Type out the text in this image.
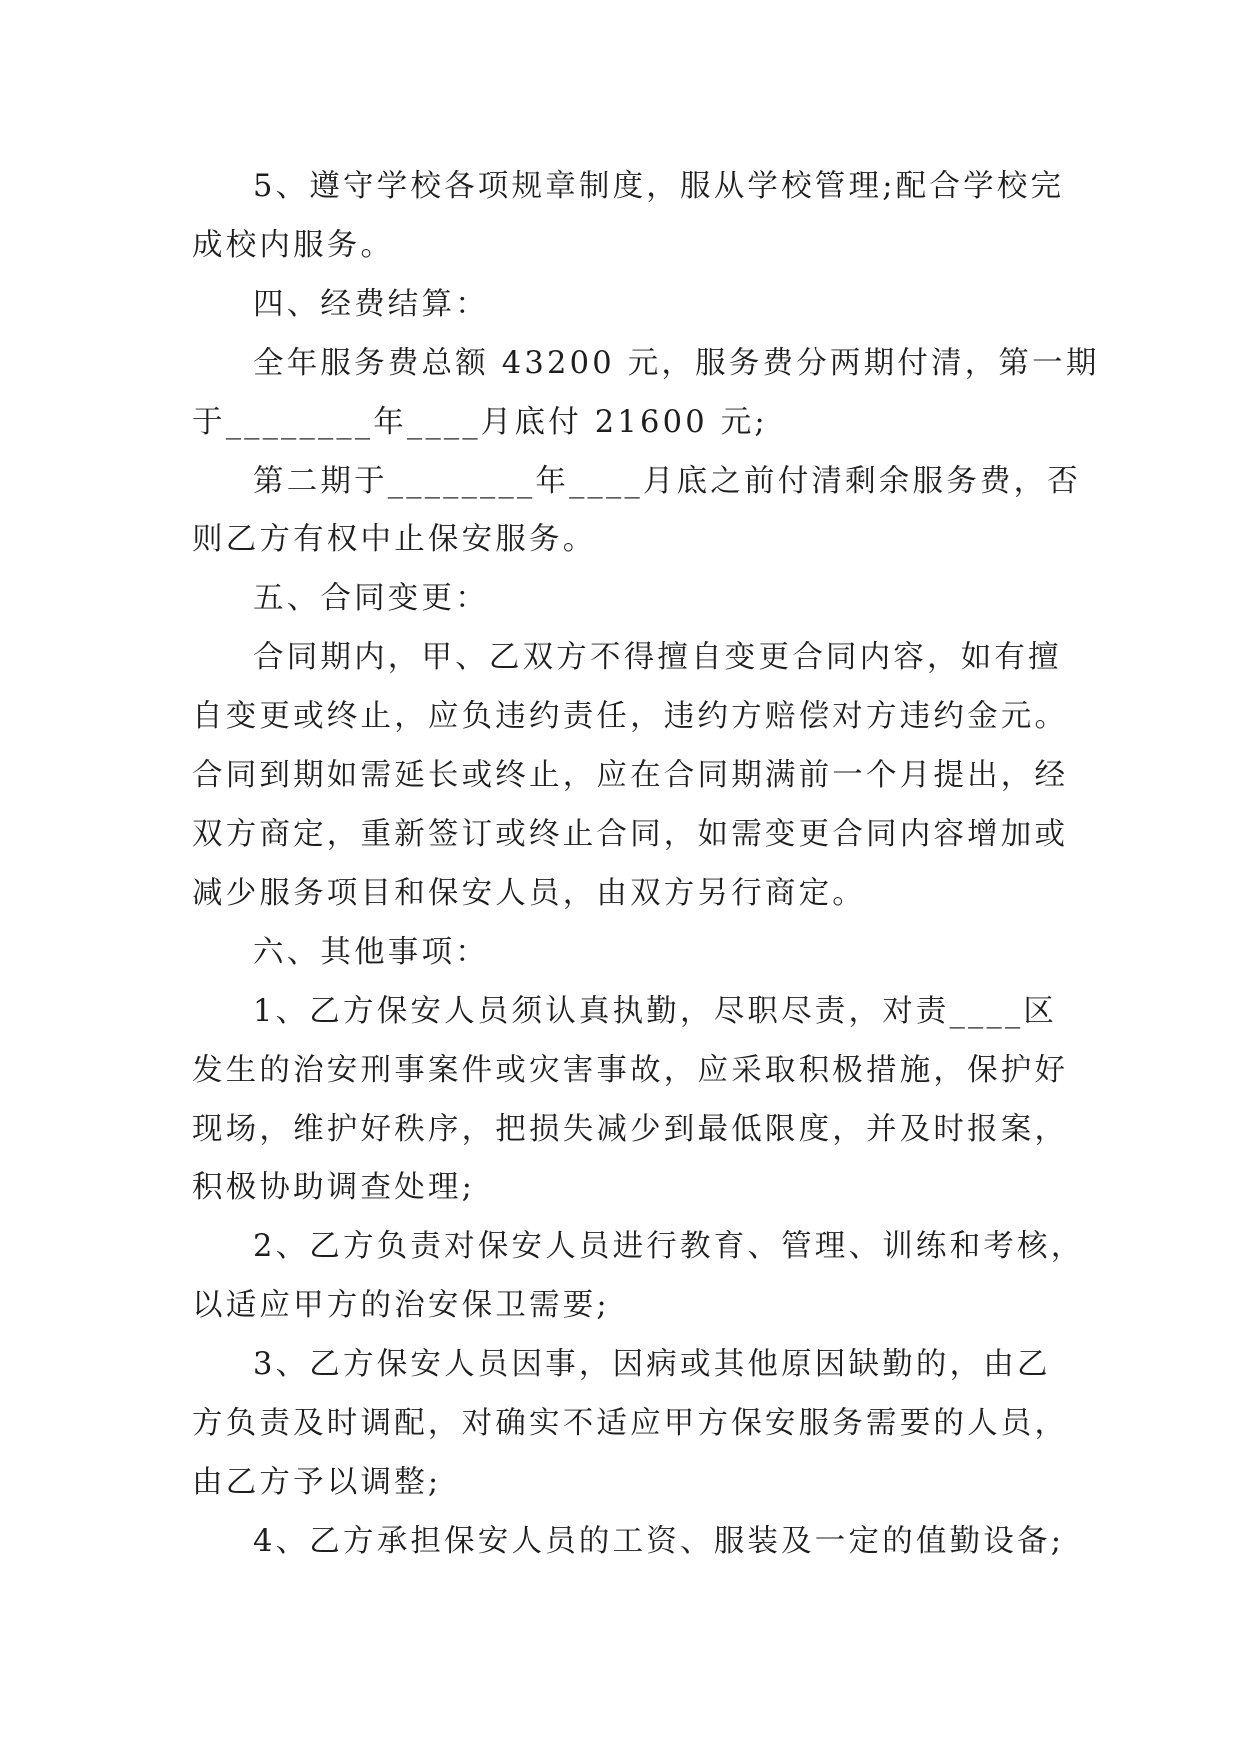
5、遵守学校各项规章制度，服从学校管理;配合学校完
成校内服务。
四、经费结算：
全年服务费总额 43200 元，服务费分两期付清，第一期
于________年____月底付 21600 元;
第二期于________年____月底之前付清剩余服务费，否
则乙方有权中止保安服务。
五、合同变更：
合同期内，甲、乙双方不得擅自变更合同内容，如有擅
自变更或终止，应负违约责任，违约方赔偿对方违约金元。
合同到期如需延长或终止，应在合同期满前一个月提出，经
双方商定，重新签订或终止合同，如需变更合同内容增加或
减少服务项目和保安人员，由双方另行商定。
六、其他事项：
1、乙方保安人员须认真执勤，尽职尽责，对责____区
发生的治安刑事案件或灾害事故，应采取积极措施，保护好
现场，维护好秩序，把损失减少到最低限度，并及时报案，
积极协助调查处理;
2、乙方负责对保安人员进行教育、管理、训练和考核，
以适应甲方的治安保卫需要;
3、乙方保安人员因事，因病或其他原因缺勤的，由乙
方负责及时调配，对确实不适应甲方保安服务需要的人员，
由乙方予以调整;
4、乙方承担保安人员的工资、服装及一定的值勤设备;
